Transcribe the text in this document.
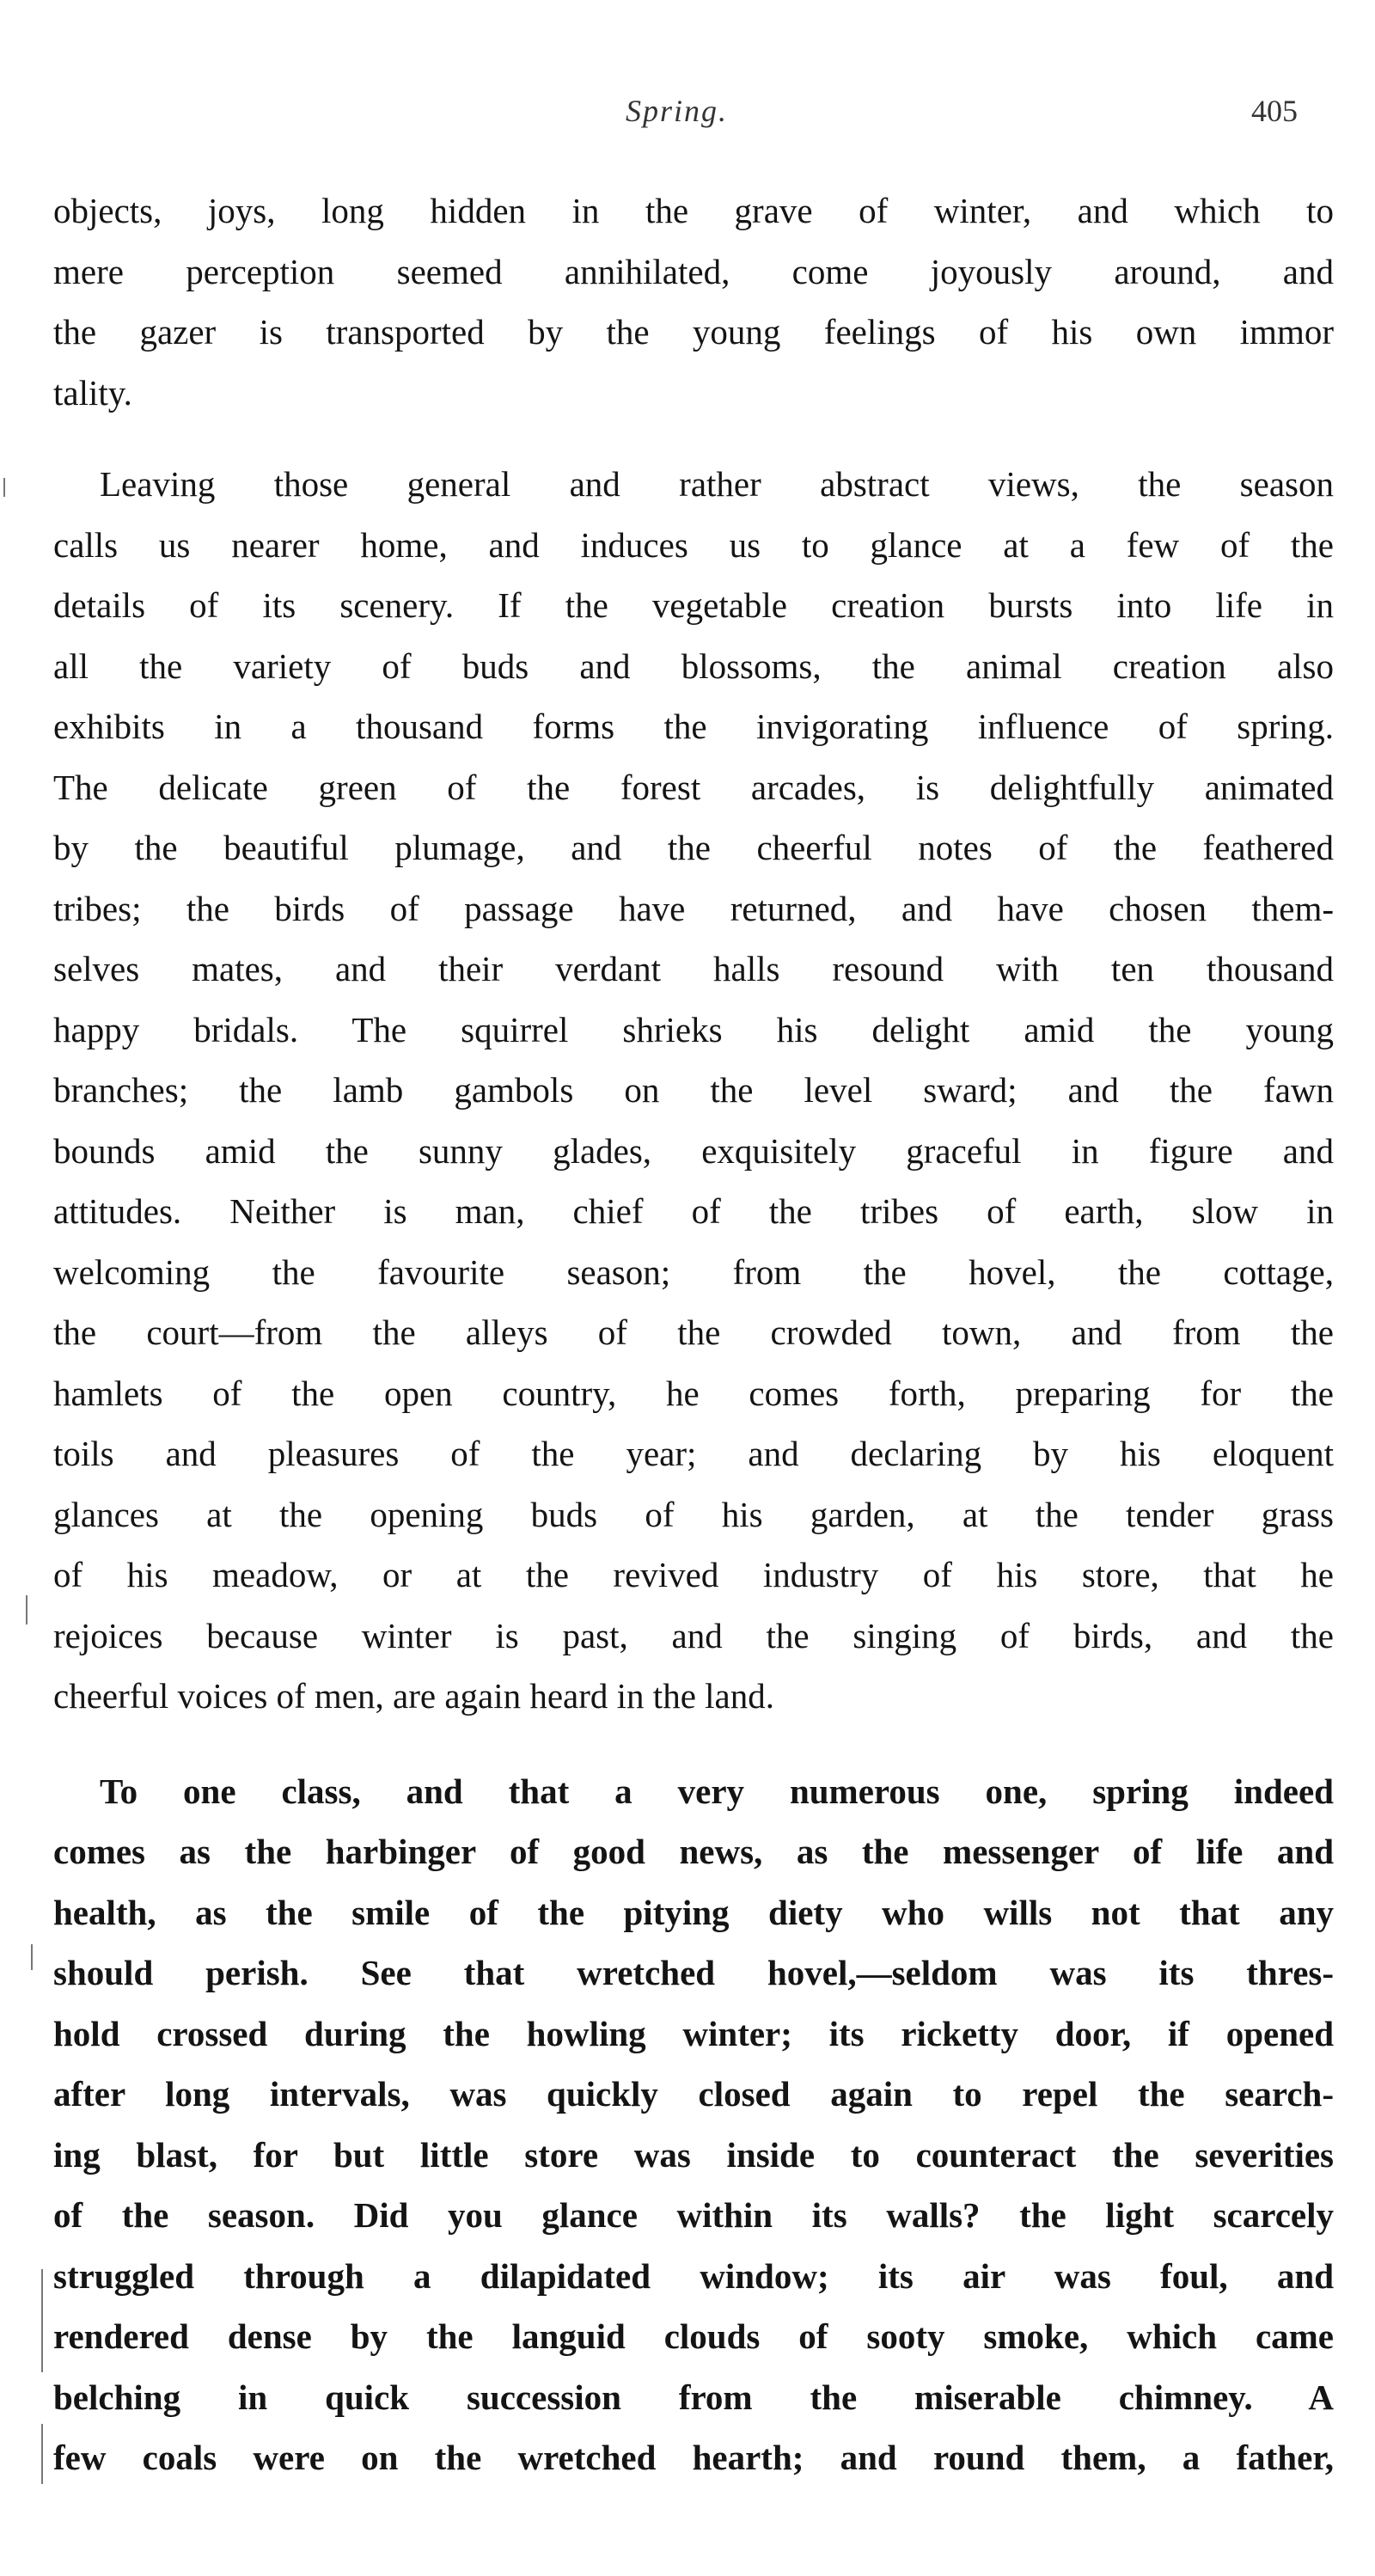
Spring.	405

objects, joys, long hidden in the grave of winter, and which to
mere perception seemed annihilated, come joyously around, and
the gazer is transported by the young feelings of his own immor
tality.

Leaving those general and rather abstract views, the season
calls us nearer home, and induces us to glance at a few of the
details of its scenery. If the vegetable creation bursts into life in
all the variety of buds and blossoms, the animal creation also
exhibits in a thousand forms the invigorating influence of spring.
The delicate green of the forest arcades, is delightfully animated
by the beautiful plumage, and the cheerful notes of the feathered
tribes; the birds of passage have returned, and have chosen them-
selves mates, and their verdant halls resound with ten thousand
happy bridals. The squirrel shrieks his delight amid the young
branches; the lamb gambols on the level sward; and the fawn
bounds amid the sunny glades, exquisitely graceful in figure and
attitudes. Neither is man, chief of the tribes of earth, slow in
welcoming the favourite season; from the hovel, the cottage,
the court—from the alleys of the crowded town, and from the
hamlets of the open country, he comes forth, preparing for the
toils and pleasures of the year; and declaring by his eloquent
glances at the opening buds of his garden, at the tender grass
of his meadow, or at the revived industry of his store, that he
rejoices because winter is past, and the singing of birds, and the
cheerful voices of men, are again heard in the land.

To one class, and that a very numerous one, spring indeed
comes as the harbinger of good news, as the messenger of life and
health, as the smile of the pitying diety who wills not that any
should perish. See that wretched hovel,—seldom was its thres-
hold crossed during the howling winter; its ricketty door, if opened
after long intervals, was quickly closed again to repel the search-
ing blast, for but little store was inside to counteract the severities
of the season. Did you glance within its walls? the light scarcely
struggled through a dilapidated window; its air was foul, and
rendered dense by the languid clouds of sooty smoke, which came
belching in quick succession from the miserable chimney. A
few coals were on the wretched hearth; and round them, a father,
